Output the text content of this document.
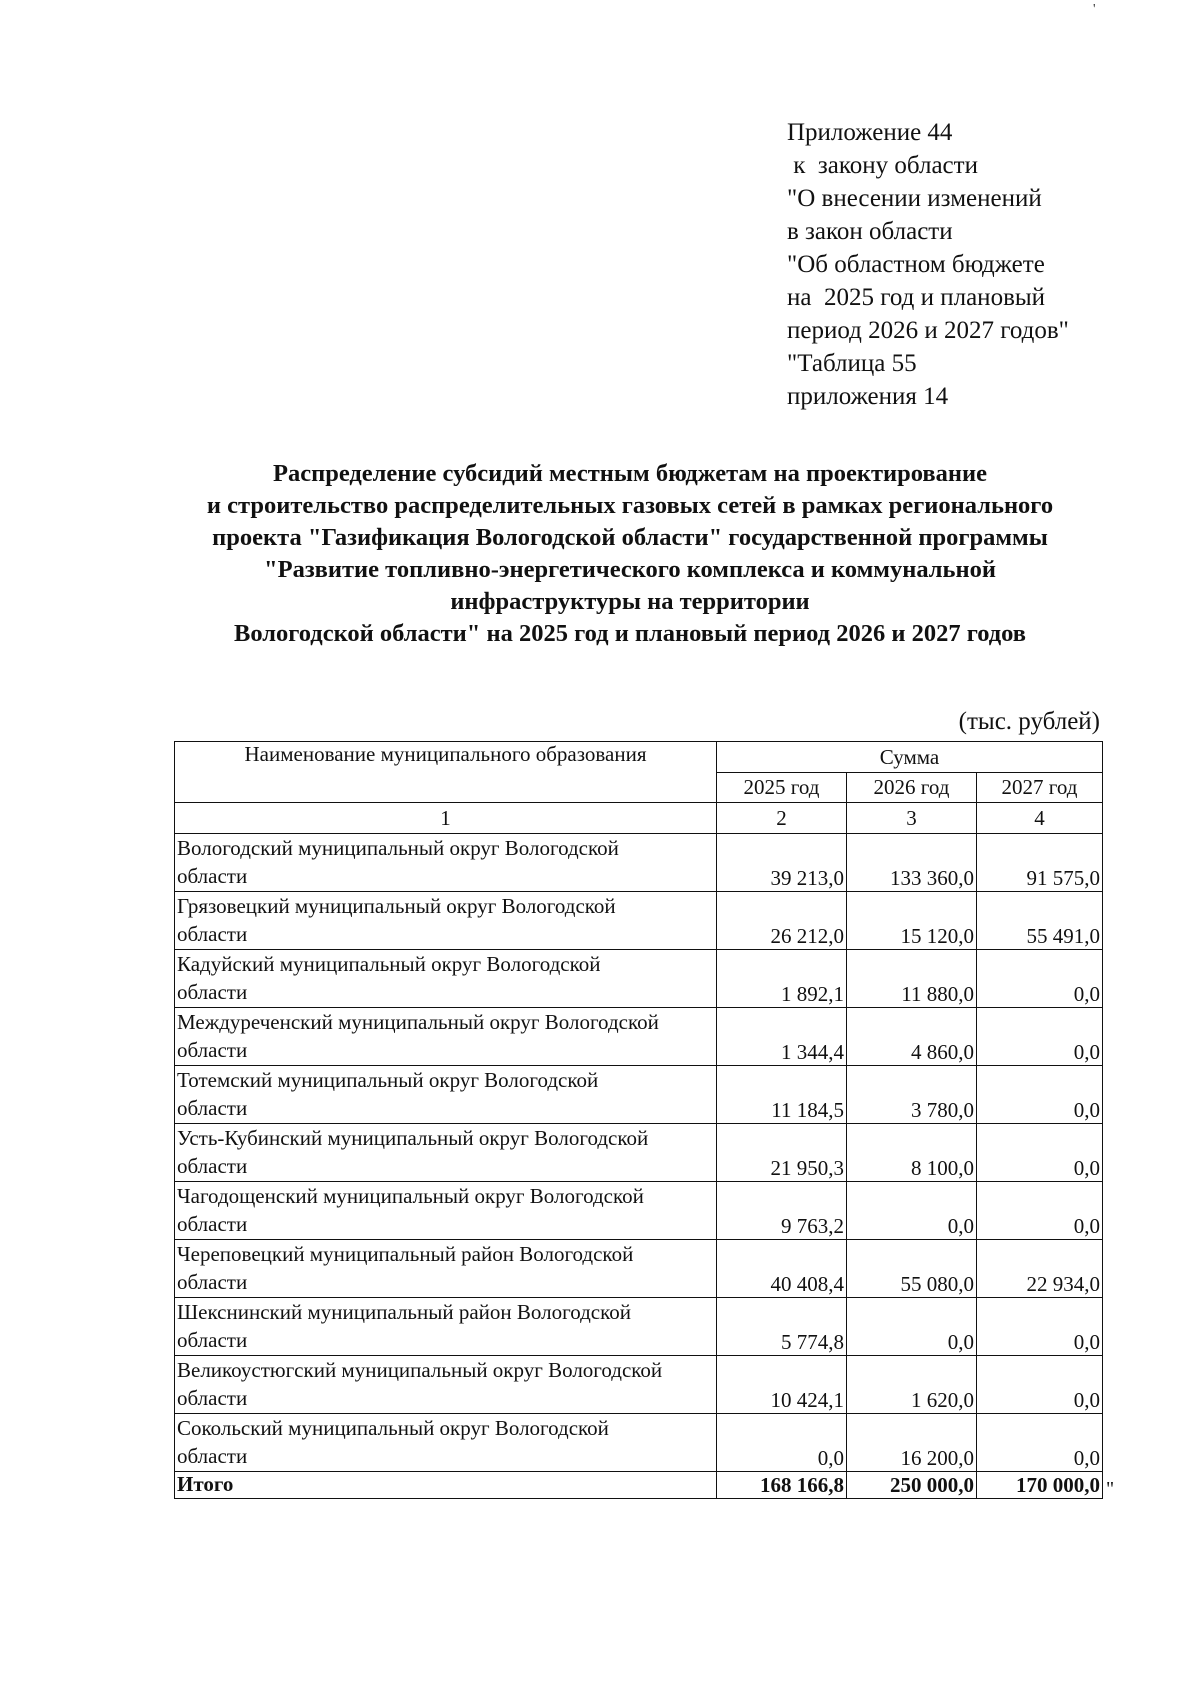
'
Приложение 44
к  закону области
"О внесении изменений
в закон области
"Об областном бюджете
на  2025 год и плановый
период 2026 и 2027 годов"
"Таблица 55
приложения 14
Распределение субсидий местным бюджетам на проектирование
и строительство распределительных газовых сетей в рамках регионального
проекта "Газификация Вологодской области" государственной программы
"Развитие топливно-энергетического комплекса и коммунальной
инфраструктуры на территории
Вологодской области" на 2025 год и плановый период 2026 и 2027 годов
(тыс. рублей)
Наименование муниципального образования	Сумма		
	2025 год	2026 год	2027 год
1	2	3	4
Вологодский муниципальный округ Вологодской
области	39 213,0	133 360,0	91 575,0
Грязовецкий муниципальный округ Вологодской
области	26 212,0	15 120,0	55 491,0
Кадуйский муниципальный округ Вологодской
области	1 892,1	11 880,0	0,0
Междуреченский муниципальный округ Вологодской
области	1 344,4	4 860,0	0,0
Тотемский муниципальный округ Вологодской
области	11 184,5	3 780,0	0,0
Усть-Кубинский муниципальный округ Вологодской
области	21 950,3	8 100,0	0,0
Чагодощенский муниципальный округ Вологодской
области	9 763,2	0,0	0,0
Череповецкий муниципальный район Вологодской
области	40 408,4	55 080,0	22 934,0
Шекснинский муниципальный район Вологодской
области	5 774,8	0,0	0,0
Великоустюгский муниципальный округ Вологодской
области	10 424,1	1 620,0	0,0
Сокольский муниципальный округ Вологодской
области	0,0	16 200,0	0,0
Итого	168 166,8	250 000,0	170 000,0 "
